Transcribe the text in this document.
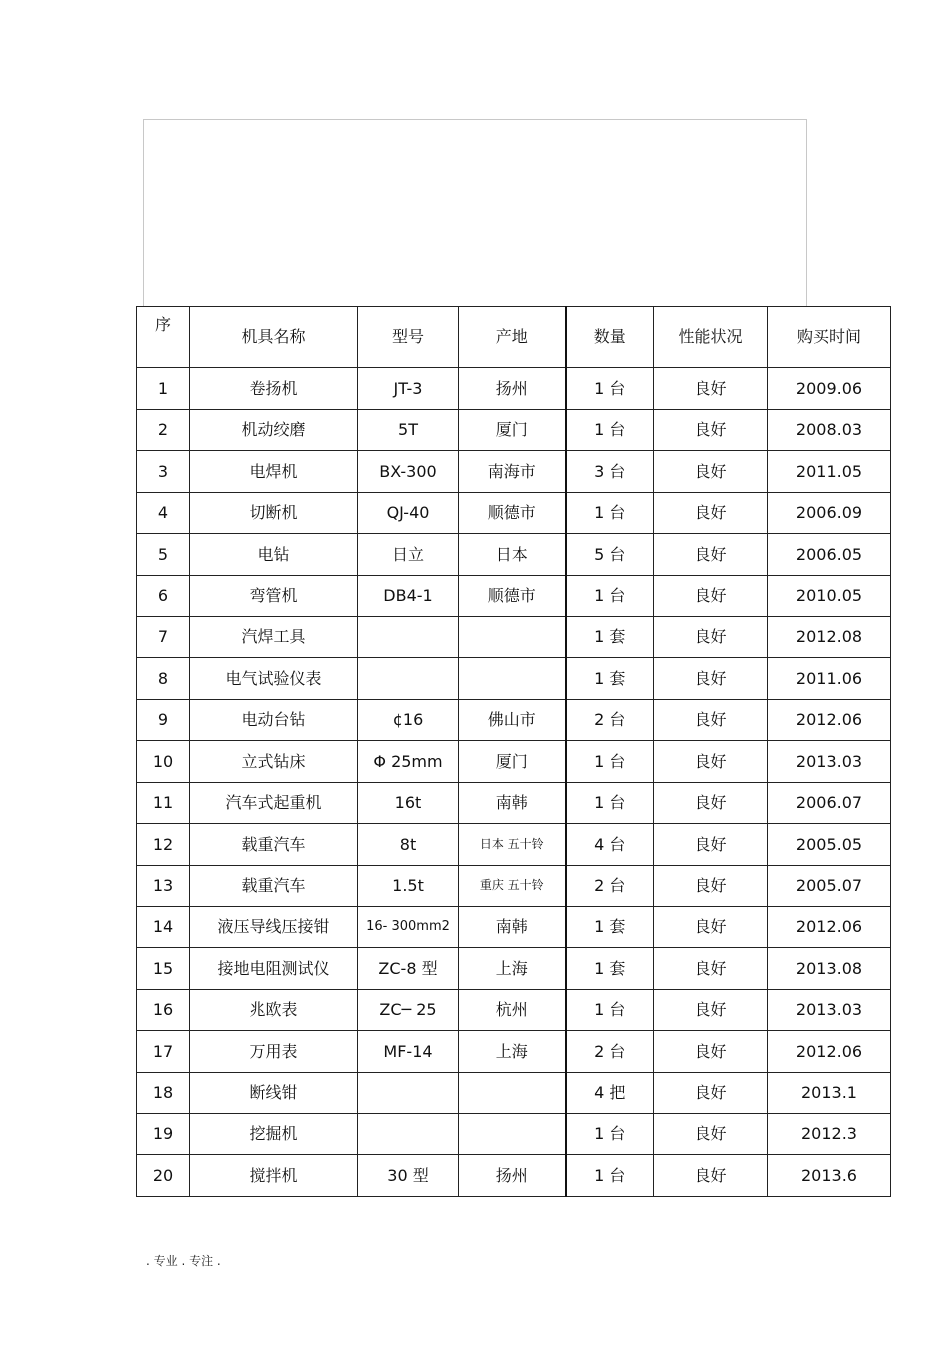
序	机具名称	型号	产地	数量	性能状况	购买时间
1	卷扬机	JT-3	扬州	1 台	良好	2009.06
2	机动绞磨	5T	厦门	1 台	良好	2008.03
3	电焊机	BX-300	南海市	3 台	良好	2011.05
4	切断机	QJ-40	顺德市	1 台	良好	2006.09
5	电钻	日立	日本	5 台	良好	2006.05
6	弯管机	DB4-1	顺德市	1 台	良好	2010.05
7	汽焊工具			1 套	良好	2012.08
8	电气试验仪表			1 套	良好	2011.06
9	电动台钻	¢16	佛山市	2 台	良好	2012.06
10	立式钻床	Φ 25mm	厦门	1 台	良好	2013.03
11	汽车式起重机	16t	南韩	1 台	良好	2006.07
12	载重汽车	8t	日本 五十铃	4 台	良好	2005.05
13	载重汽车	1.5t	重庆 五十铃	2 台	良好	2005.07
14	液压导线压接钳	16- 300mm2	南韩	1 套	良好	2012.06
15	接地电阻测试仪	ZC-8 型	上海	1 套	良好	2013.08
16	兆欧表	ZC─ 25	杭州	1 台	良好	2013.03
17	万用表	MF-14	上海	2 台	良好	2012.06
18	断线钳			4 把	良好	2013.1
19	挖掘机			1 台	良好	2012.3
20	搅拌机	30 型	扬州	1 台	良好	2013.6
. 专业 . 专注 .
